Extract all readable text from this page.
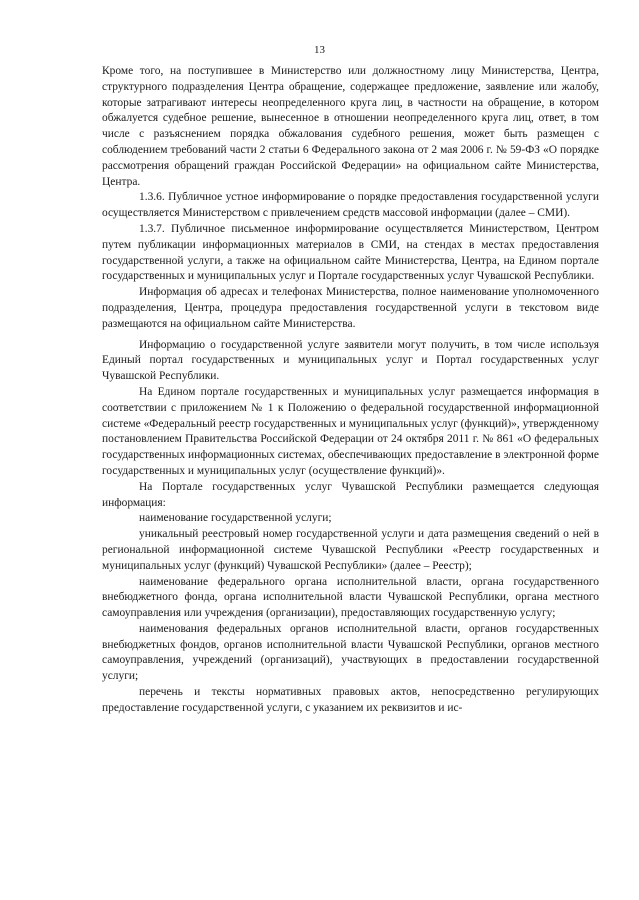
13

Кроме того, на поступившее в Министерство или должностному лицу Министерства, Центра, структурного подразделения Центра обращение, содержащее предложение, заявление или жалобу, которые затрагивают интересы неопределенного круга лиц, в частности на обращение, в котором обжалуется судебное решение, вынесенное в отношении неопределенного круга лиц, ответ, в том числе с разъяснением порядка обжалования судебного решения, может быть размещен с соблюдением требований части 2 статьи 6 Федерального закона от 2 мая 2006 г. № 59-ФЗ «О порядке рассмотрения обращений граждан Российской Федерации» на официальном сайте Министерства, Центра.

1.3.6. Публичное устное информирование о порядке предоставления государственной услуги осуществляется Министерством с привлечением средств массовой информации (далее – СМИ).

1.3.7. Публичное письменное информирование осуществляется Министерством, Центром путем публикации информационных материалов в СМИ, на стендах в местах предоставления государственной услуги, а также на официальном сайте Министерства, Центра, на Едином портале государственных и муниципальных услуг и Портале государственных услуг Чувашской Республики.

Информация об адресах и телефонах Министерства, полное наименование уполномоченного подразделения, Центра, процедура предоставления государственной услуги в текстовом виде размещаются на официальном сайте Министерства.

Информацию о государственной услуге заявители могут получить, в том числе используя Единый портал государственных и муниципальных услуг и Портал государственных услуг Чувашской Республики.

На Едином портале государственных и муниципальных услуг размещается информация в соответствии с приложением № 1 к Положению о федеральной государственной информационной системе «Федеральный реестр государственных и муниципальных услуг (функций)», утвержденному постановлением Правительства Российской Федерации от 24 октября 2011 г. № 861 «О федеральных государственных информационных системах, обеспечивающих предоставление в электронной форме государственных и муниципальных услуг (осуществление функций)».

На Портале государственных услуг Чувашской Республики размещается следующая информация:

наименование государственной услуги;

уникальный реестровый номер государственной услуги и дата размещения сведений о ней в региональной информационной системе Чувашской Республики «Реестр государственных и муниципальных услуг (функций) Чувашской Республики» (далее – Реестр);

наименование федерального органа исполнительной власти, органа государственного внебюджетного фонда, органа исполнительной власти Чувашской Республики, органа местного самоуправления или учреждения (организации), предоставляющих государственную услугу;

наименования федеральных органов исполнительной власти, органов государственных внебюджетных фондов, органов исполнительной власти Чувашской Республики, органов местного самоуправления, учреждений (организаций), участвующих в предоставлении государственной услуги;

перечень и тексты нормативных правовых актов, непосредственно регулирующих предоставление государственной услуги, с указанием их реквизитов и ис-
